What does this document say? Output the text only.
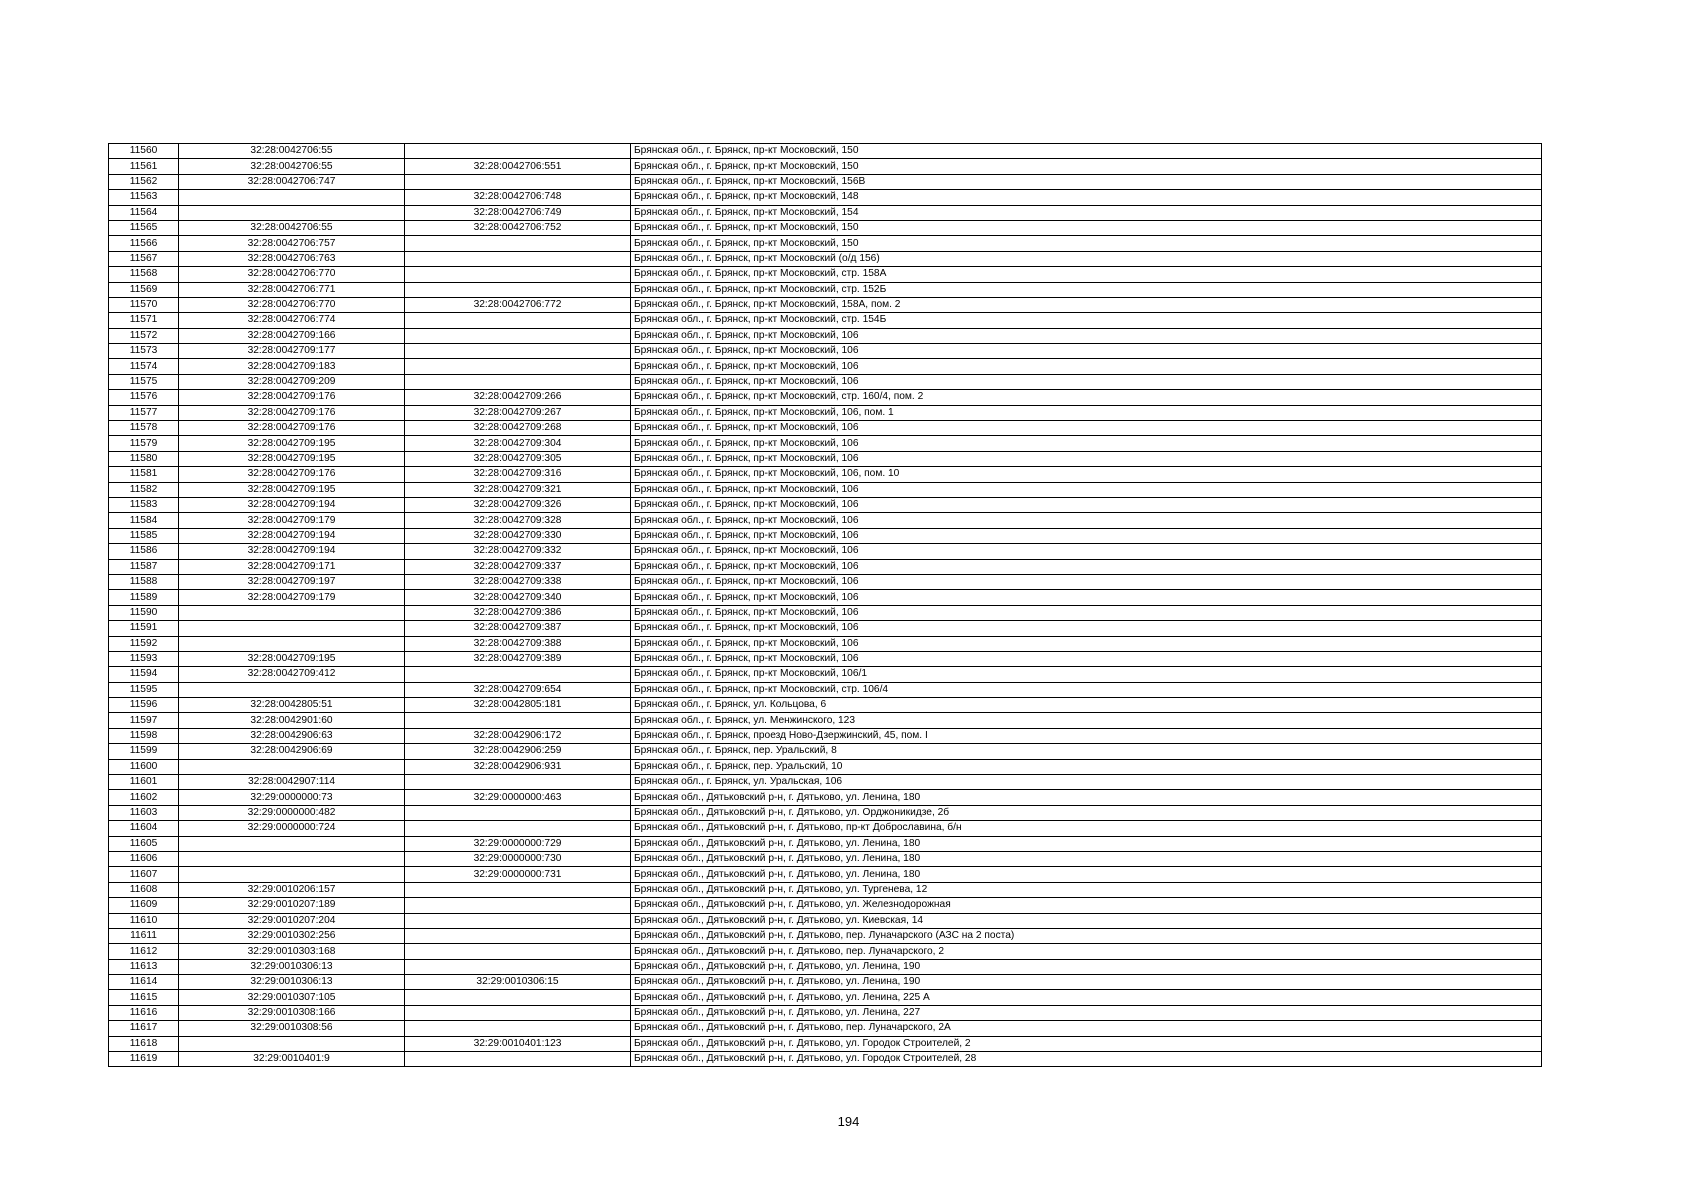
11560	32:28:0042706:55		Брянская обл., г. Брянск, пр-кт Московский, 150
11561	32:28:0042706:55	32:28:0042706:551	Брянская обл., г. Брянск, пр-кт Московский, 150
11562	32:28:0042706:747		Брянская обл., г. Брянск, пр-кт Московский, 156В
11563		32:28:0042706:748	Брянская обл., г. Брянск, пр-кт Московский, 148
11564		32:28:0042706:749	Брянская обл., г. Брянск, пр-кт Московский, 154
11565	32:28:0042706:55	32:28:0042706:752	Брянская обл., г. Брянск, пр-кт Московский, 150
11566	32:28:0042706:757		Брянская обл., г. Брянск, пр-кт Московский, 150
11567	32:28:0042706:763		Брянская обл., г. Брянск, пр-кт Московский (о/д 156)
11568	32:28:0042706:770		Брянская обл., г. Брянск, пр-кт Московский, стр. 158А
11569	32:28:0042706:771		Брянская обл., г. Брянск, пр-кт Московский, стр. 152Б
11570	32:28:0042706:770	32:28:0042706:772	Брянская обл., г. Брянск, пр-кт Московский, 158А, пом. 2
11571	32:28:0042706:774		Брянская обл., г. Брянск, пр-кт Московский, стр. 154Б
11572	32:28:0042709:166		Брянская обл., г. Брянск, пр-кт Московский, 106
11573	32:28:0042709:177		Брянская обл., г. Брянск, пр-кт Московский, 106
11574	32:28:0042709:183		Брянская обл., г. Брянск, пр-кт Московский, 106
11575	32:28:0042709:209		Брянская обл., г. Брянск, пр-кт Московский, 106
11576	32:28:0042709:176	32:28:0042709:266	Брянская обл., г. Брянск, пр-кт Московский, стр. 160/4, пом. 2
11577	32:28:0042709:176	32:28:0042709:267	Брянская обл., г. Брянск, пр-кт Московский, 106, пом. 1
11578	32:28:0042709:176	32:28:0042709:268	Брянская обл., г. Брянск, пр-кт Московский, 106
11579	32:28:0042709:195	32:28:0042709:304	Брянская обл., г. Брянск, пр-кт Московский, 106
11580	32:28:0042709:195	32:28:0042709:305	Брянская обл., г. Брянск, пр-кт Московский, 106
11581	32:28:0042709:176	32:28:0042709:316	Брянская обл., г. Брянск, пр-кт Московский, 106, пом. 10
11582	32:28:0042709:195	32:28:0042709:321	Брянская обл., г. Брянск, пр-кт Московский, 106
11583	32:28:0042709:194	32:28:0042709:326	Брянская обл., г. Брянск, пр-кт Московский, 106
11584	32:28:0042709:179	32:28:0042709:328	Брянская обл., г. Брянск, пр-кт Московский, 106
11585	32:28:0042709:194	32:28:0042709:330	Брянская обл., г. Брянск, пр-кт Московский, 106
11586	32:28:0042709:194	32:28:0042709:332	Брянская обл., г. Брянск, пр-кт Московский, 106
11587	32:28:0042709:171	32:28:0042709:337	Брянская обл., г. Брянск, пр-кт Московский, 106
11588	32:28:0042709:197	32:28:0042709:338	Брянская обл., г. Брянск, пр-кт Московский, 106
11589	32:28:0042709:179	32:28:0042709:340	Брянская обл., г. Брянск, пр-кт Московский, 106
11590		32:28:0042709:386	Брянская обл., г. Брянск, пр-кт Московский, 106
11591		32:28:0042709:387	Брянская обл., г. Брянск, пр-кт Московский, 106
11592		32:28:0042709:388	Брянская обл., г. Брянск, пр-кт Московский, 106
11593	32:28:0042709:195	32:28:0042709:389	Брянская обл., г. Брянск, пр-кт Московский, 106
11594	32:28:0042709:412		Брянская обл., г. Брянск, пр-кт Московский, 106/1
11595		32:28:0042709:654	Брянская обл., г. Брянск, пр-кт Московский, стр. 106/4
11596	32:28:0042805:51	32:28:0042805:181	Брянская обл., г. Брянск, ул. Кольцова, 6
11597	32:28:0042901:60		Брянская обл., г. Брянск, ул. Менжинского, 123
11598	32:28:0042906:63	32:28:0042906:172	Брянская обл., г. Брянск, проезд Ново-Дзержинский, 45, пом. I
11599	32:28:0042906:69	32:28:0042906:259	Брянская обл., г. Брянск, пер. Уральский, 8
11600		32:28:0042906:931	Брянская обл., г. Брянск, пер. Уральский, 10
11601	32:28:0042907:114		Брянская обл., г. Брянск, ул. Уральская, 106
11602	32:29:0000000:73	32:29:0000000:463	Брянская обл., Дятьковский р-н, г. Дятьково, ул. Ленина, 180
11603	32:29:0000000:482		Брянская обл., Дятьковский р-н, г. Дятьково, ул. Орджоникидзе, 2б
11604	32:29:0000000:724		Брянская обл., Дятьковский р-н, г. Дятьково, пр-кт Доброславина, б/н
11605		32:29:0000000:729	Брянская обл., Дятьковский р-н, г. Дятьково, ул. Ленина, 180
11606		32:29:0000000:730	Брянская обл., Дятьковский р-н, г. Дятьково, ул. Ленина, 180
11607		32:29:0000000:731	Брянская обл., Дятьковский р-н, г. Дятьково, ул. Ленина, 180
11608	32:29:0010206:157		Брянская обл., Дятьковский р-н, г. Дятьково, ул. Тургенева, 12
11609	32:29:0010207:189		Брянская обл., Дятьковский р-н, г. Дятьково, ул. Железнодорожная
11610	32:29:0010207:204		Брянская обл., Дятьковский р-н, г. Дятьково, ул. Киевская, 14
11611	32:29:0010302:256		Брянская обл., Дятьковский р-н, г. Дятьково, пер. Луначарского (АЗС на 2 поста)
11612	32:29:0010303:168		Брянская обл., Дятьковский р-н, г. Дятьково, пер. Луначарского, 2
11613	32:29:0010306:13		Брянская обл., Дятьковский р-н, г. Дятьково, ул. Ленина, 190
11614	32:29:0010306:13	32:29:0010306:15	Брянская обл., Дятьковский р-н, г. Дятьково, ул. Ленина, 190
11615	32:29:0010307:105		Брянская обл., Дятьковский р-н, г. Дятьково, ул. Ленина, 225 А
11616	32:29:0010308:166		Брянская обл., Дятьковский р-н, г. Дятьково, ул. Ленина, 227
11617	32:29:0010308:56		Брянская обл., Дятьковский р-н, г. Дятьково, пер. Луначарского, 2А
11618		32:29:0010401:123	Брянская обл., Дятьковский р-н, г. Дятьково, ул. Городок Строителей, 2
11619	32:29:0010401:9		Брянская обл., Дятьковский р-н, г. Дятьково, ул. Городок Строителей, 28
194
